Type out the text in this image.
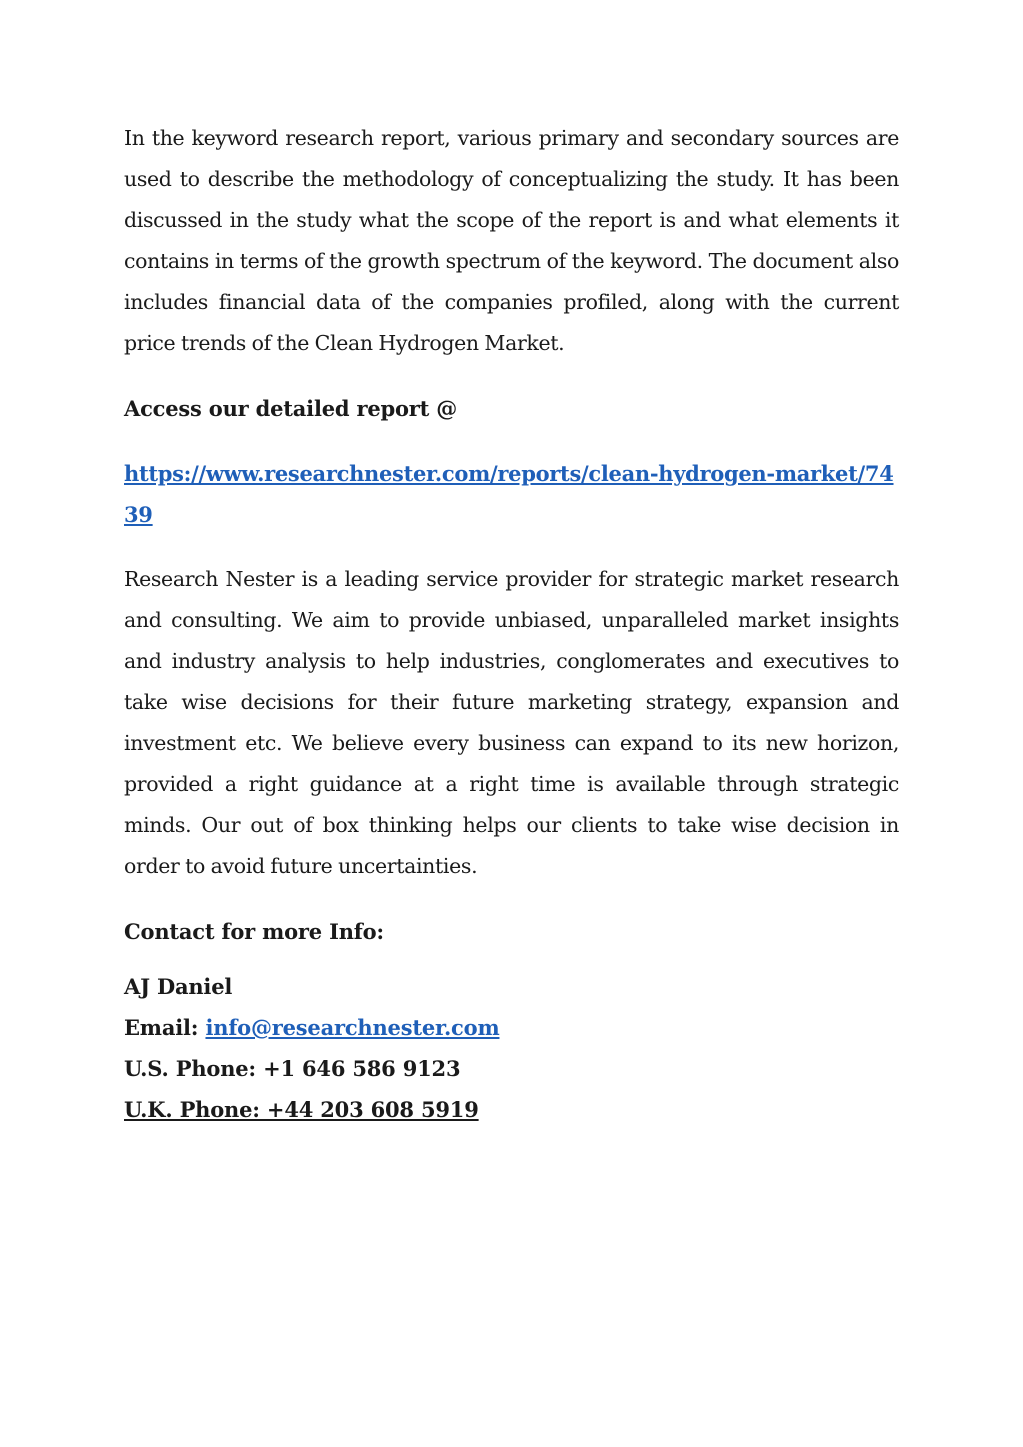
In the keyword research report, various primary and secondary sources are used to describe the methodology of conceptualizing the study. It has been discussed in the study what the scope of the report is and what elements it contains in terms of the growth spectrum of the keyword. The document also includes financial data of the companies profiled, along with the current price trends of the Clean Hydrogen Market.

Access our detailed report @

https://www.researchnester.com/reports/clean-hydrogen-market/7439

Research Nester is a leading service provider for strategic market research and consulting. We aim to provide unbiased, unparalleled market insights and industry analysis to help industries, conglomerates and executives to take wise decisions for their future marketing strategy, expansion and investment etc. We believe every business can expand to its new horizon, provided a right guidance at a right time is available through strategic minds. Our out of box thinking helps our clients to take wise decision in order to avoid future uncertainties.

Contact for more Info:

AJ Daniel

Email: info@researchnester.com

U.S. Phone: +1 646 586 9123

U.K. Phone: +44 203 608 5919
